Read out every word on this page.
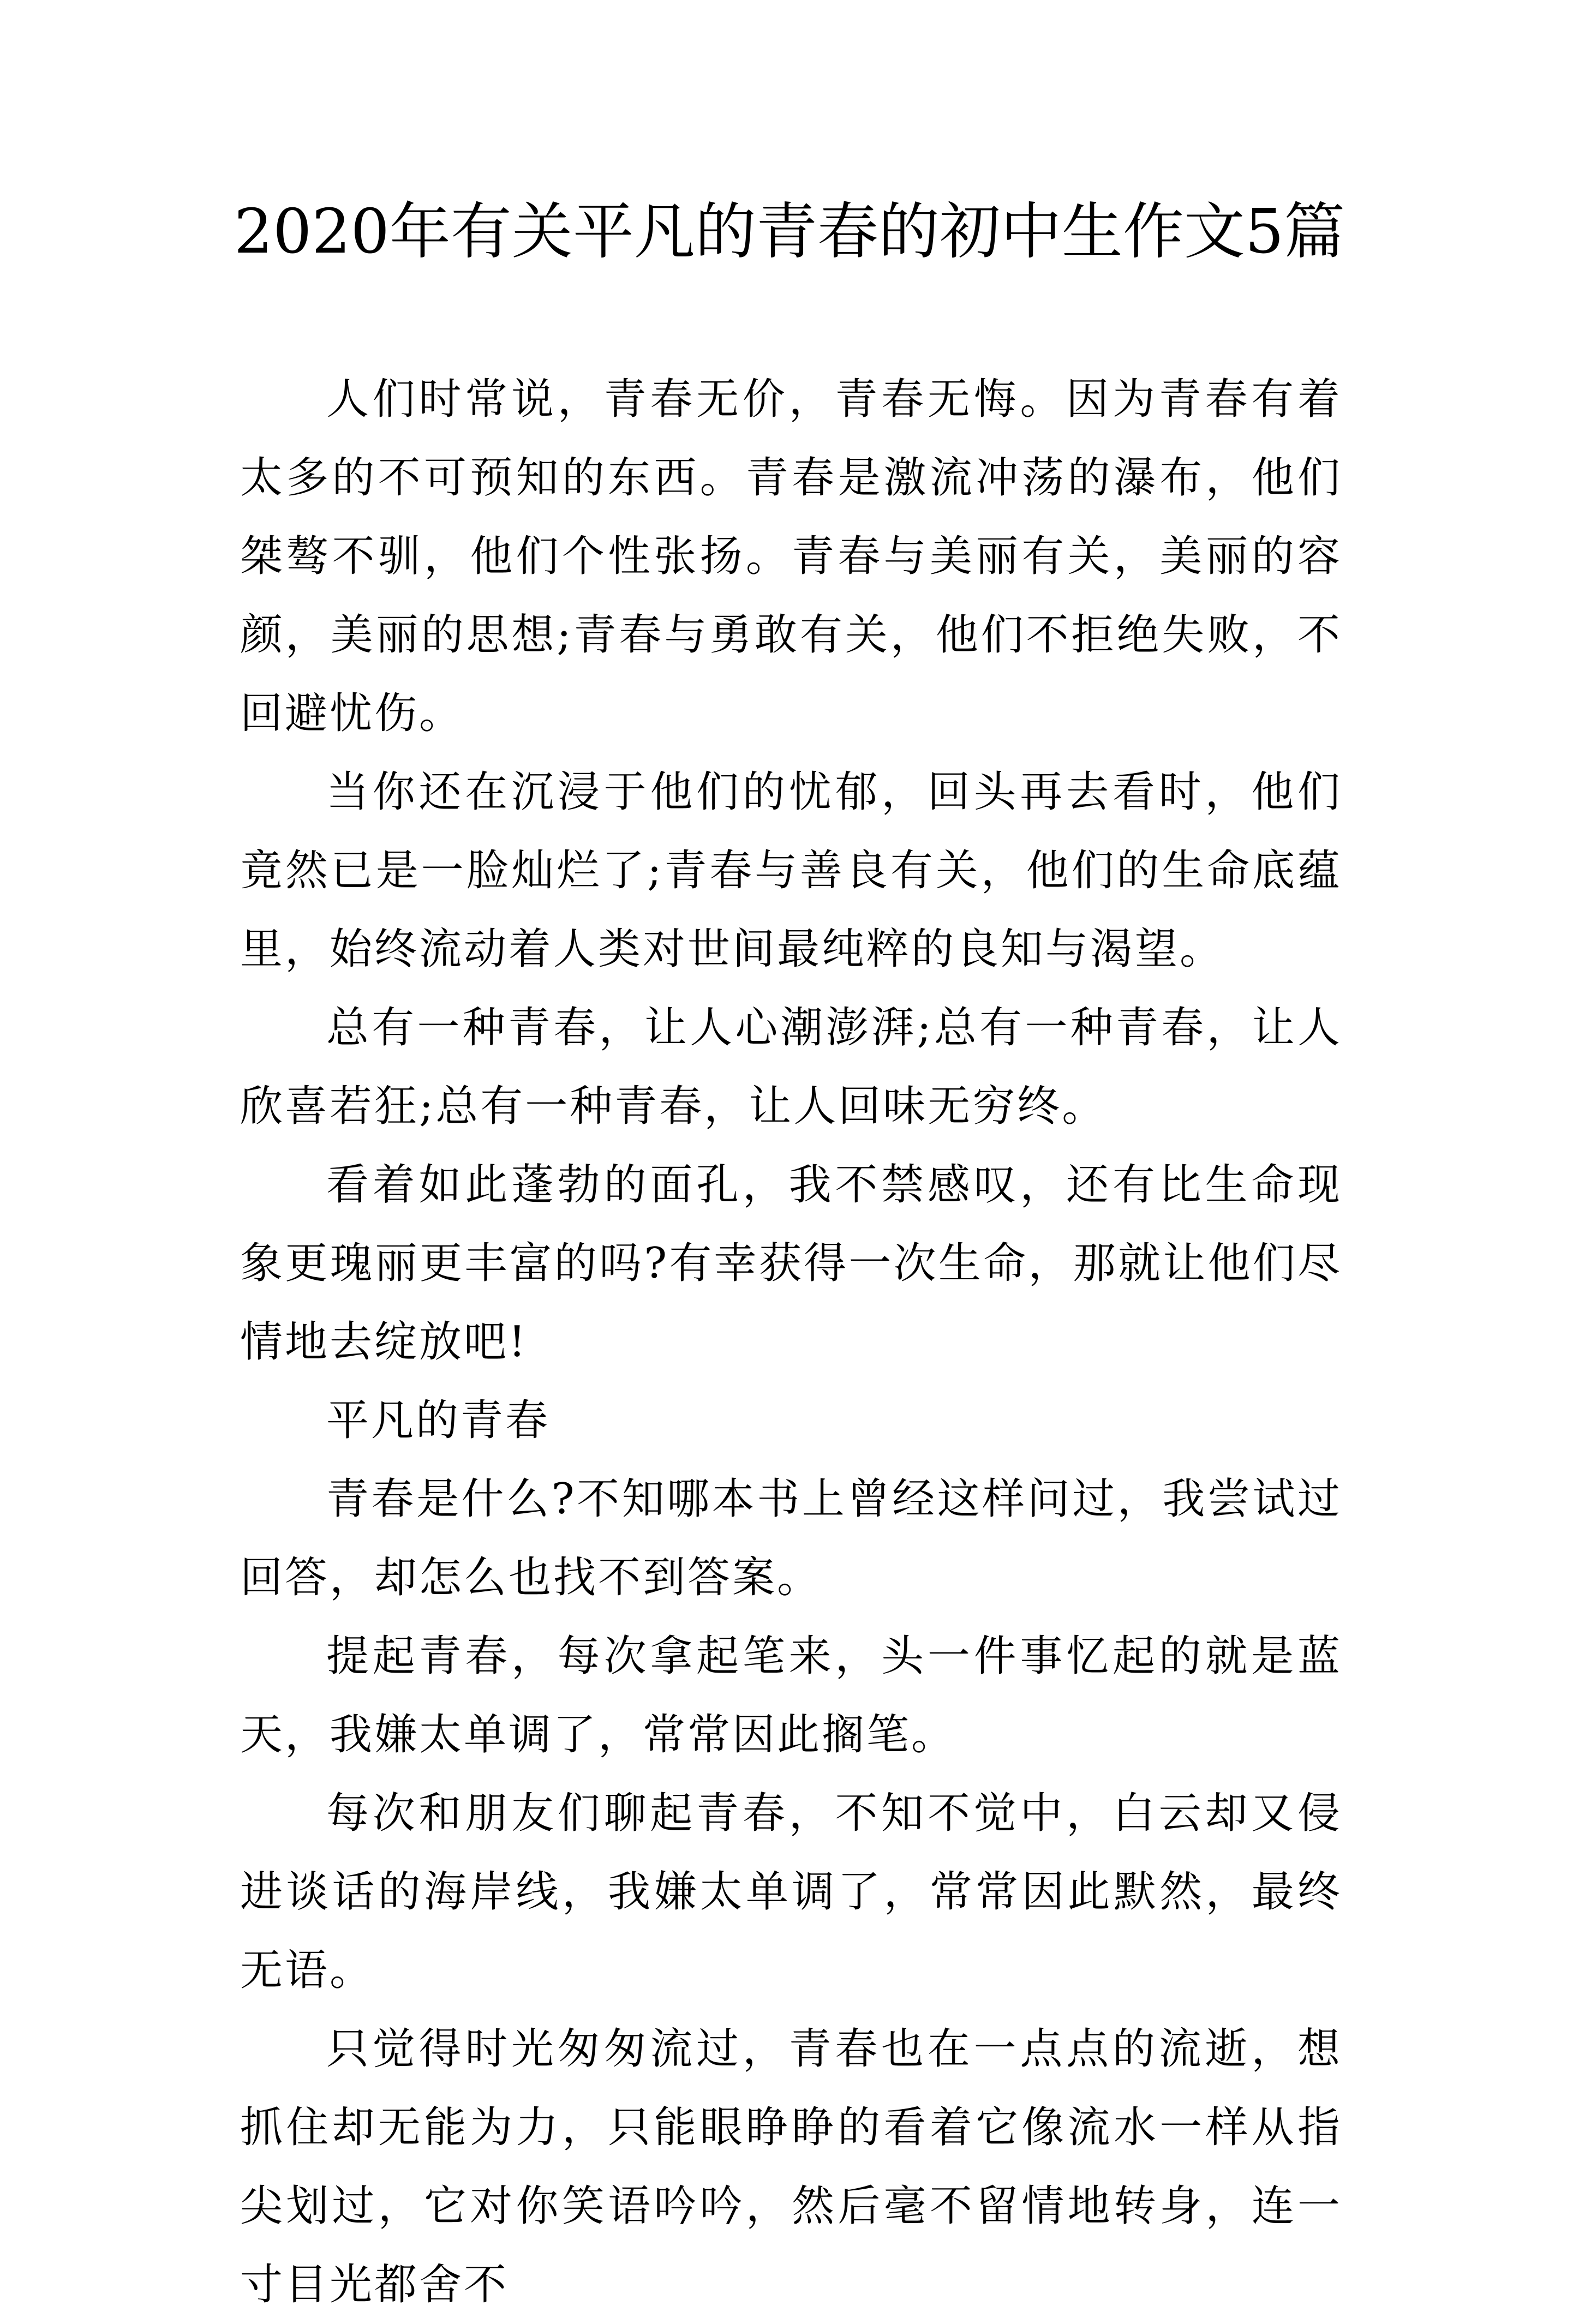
2020年有关平凡的青春的初中生作文5篇

人们时常说，青春无价，青春无悔。因为青春有着太多的不可预知的东西。青春是激流冲荡的瀑布，他们桀骜不驯，他们个性张扬。青春与美丽有关，美丽的容颜，美丽的思想;青春与勇敢有关，他们不拒绝失败，不回避忧伤。

当你还在沉浸于他们的忧郁，回头再去看时，他们竟然已是一脸灿烂了;青春与善良有关，他们的生命底蕴里，始终流动着人类对世间最纯粹的良知与渴望。

总有一种青春，让人心潮澎湃;总有一种青春，让人欣喜若狂;总有一种青春，让人回味无穷终。

看着如此蓬勃的面孔，我不禁感叹，还有比生命现象更瑰丽更丰富的吗?有幸获得一次生命，那就让他们尽情地去绽放吧!

平凡的青春

青春是什么?不知哪本书上曾经这样问过，我尝试过回答，却怎么也找不到答案。

提起青春，每次拿起笔来，头一件事忆起的就是蓝天，我嫌太单调了，常常因此搁笔。

每次和朋友们聊起青春，不知不觉中，白云却又侵进谈话的海岸线，我嫌太单调了，常常因此默然，最终无语。

只觉得时光匆匆流过，青春也在一点点的流逝，想抓住却无能为力，只能眼睁睁的看着它像流水一样从指尖划过，它对你笑语吟吟，然后毫不留情地转身，连一寸目光都舍不
